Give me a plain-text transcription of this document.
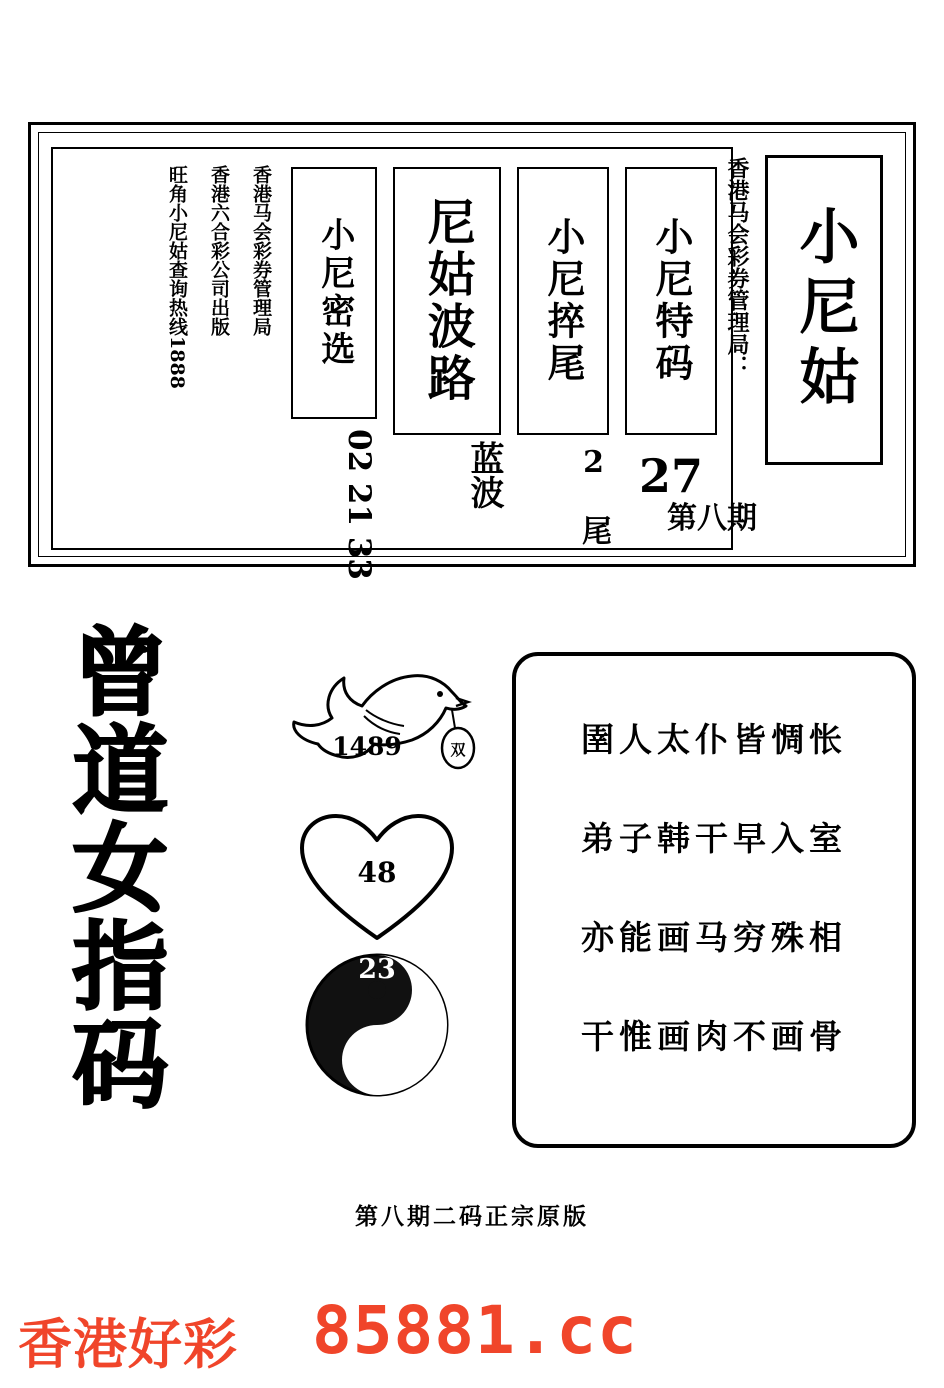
小尼姑
香港马会彩券管理局：
第八期
小尼特码
27
小尼捽尾
2 尾
尼姑波路
蓝波
小尼密选
02 21 33
香港马会彩券管理局
香港六合彩公司出版
旺角小尼姑查询热线1888
曾道女指码	双
1489
48
码
23

圉人太仆皆惆怅

弟子韩干早入室

亦能画马穷殊相

干惟画肉不画骨

第八期二码正宗原版
香港好彩 85881.cc
